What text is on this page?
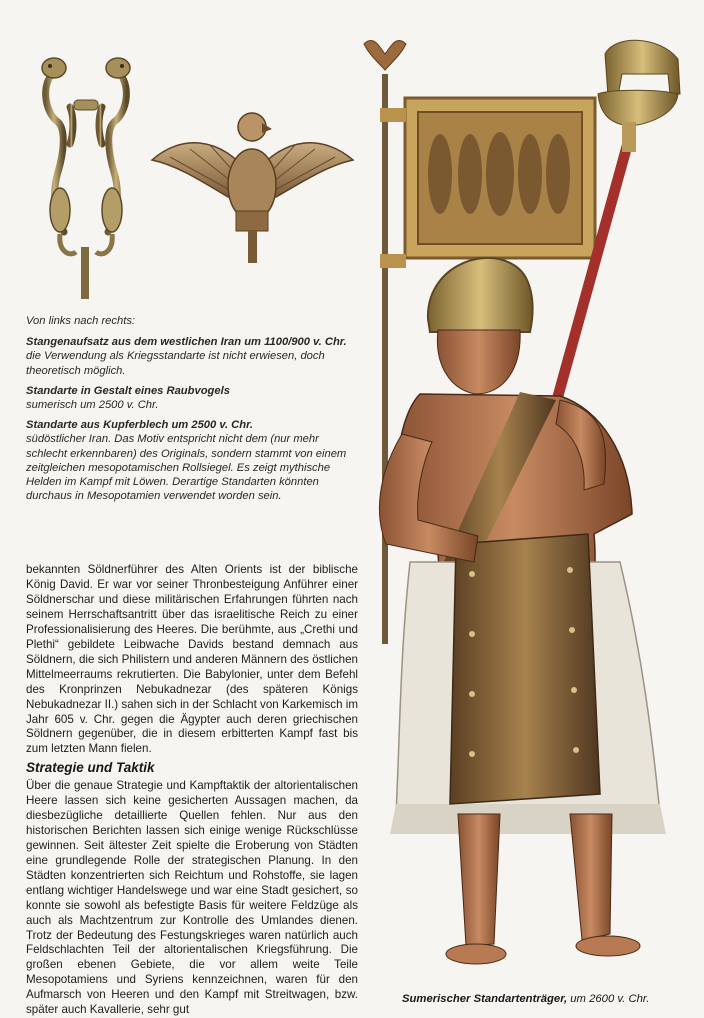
Von links nach rechts:

Stangenaufsatz aus dem westlichen Iran um 1100/900 v. Chr.
die Verwendung als Kriegsstandarte ist nicht erwiesen, doch theoretisch möglich.

Standarte in Gestalt eines Raubvogels
sumerisch um 2500 v. Chr.

Standarte aus Kupferblech um 2500 v. Chr.
südöstlicher Iran. Das Motiv entspricht nicht dem (nur mehr schlecht erkennbaren) des Originals, sondern stammt von einem zeitgleichen mesopotamischen Rollsiegel. Es zeigt mythische Helden im Kampf mit Löwen. Derartige Standarten könnten durchaus in Mesopotamien verwendet worden sein.

bekannten Söldnerführer des Alten Orients ist der biblische König David. Er war vor seiner Thronbesteigung Anführer einer Söldnerschar und diese militärischen Erfahrungen führten nach seinem Herrschaftsantritt über das israelitische Reich zu einer Professionalisierung des Heeres. Die berühmte, aus „Crethi und Plethi“ gebildete Leibwache Davids bestand demnach aus Söldnern, die sich Philistern und anderen Männern des östlichen Mittelmeerraums rekrutierten. Die Babylonier, unter dem Befehl des Kronprinzen Nebukadnezar (des späteren Königs Nebukadnezar II.) sahen sich in der Schlacht von Karkemisch im Jahr 605 v. Chr. gegen die Ägypter auch deren griechischen Söldnern gegenüber, die in diesem erbitterten Kampf fast bis zum letzten Mann fielen.

Strategie und Taktik

Über die genaue Strategie und Kampftaktik der altorientalischen Heere lassen sich keine gesicherten Aussagen machen, da diesbezügliche detaillierte Quellen fehlen. Nur aus den historischen Berichten lassen sich einige wenige Rückschlüsse gewinnen. Seit ältester Zeit spielte die Eroberung von Städten eine grundlegende Rolle der strategischen Planung. In den Städten konzentrierten sich Reichtum und Rohstoffe, sie lagen entlang wichtiger Handelswege und war eine Stadt gesichert, so konnte sie sowohl als befestigte Basis für weitere Feldzüge als auch als Machtzentrum zur Kontrolle des Umlandes dienen. Trotz der Bedeutung des Festungskrieges waren natürlich auch Feldschlachten Teil der altorientalischen Kriegsführung. Die großen ebenen Gebiete, die vor allem weite Teile Mesopotamiens und Syriens kennzeichnen, waren für den Aufmarsch von Heeren und den Kampf mit Streitwagen, bzw. später auch Kavallerie, sehr gut

Sumerischer Standartenträger, um 2600 v. Chr.
